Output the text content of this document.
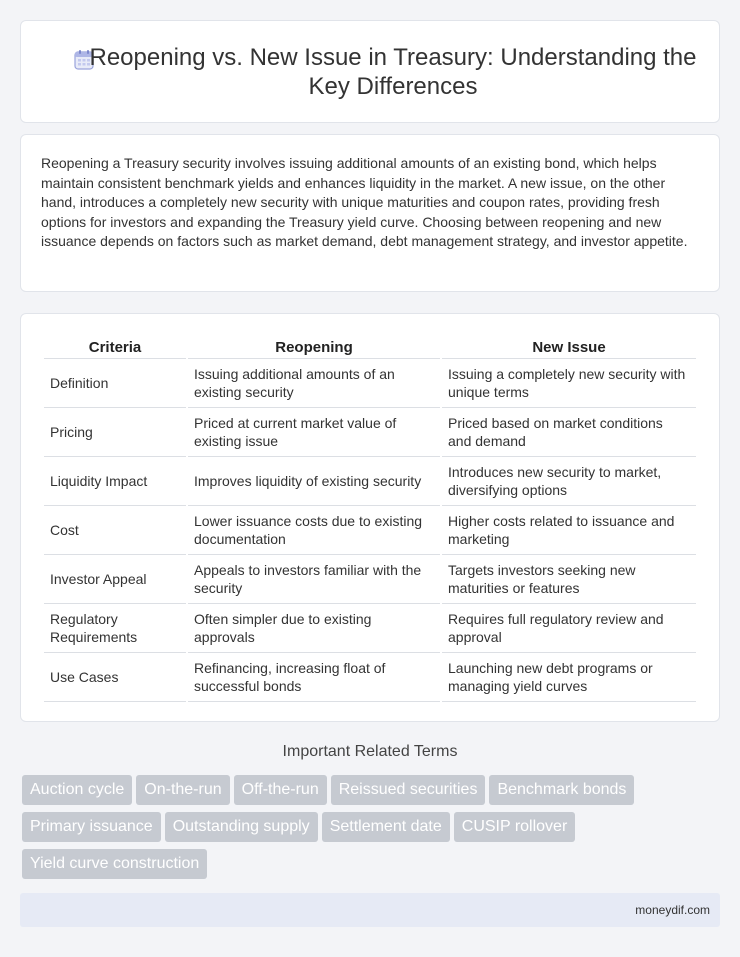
Reopening vs. New Issue in Treasury: Understanding the Key Differences

Reopening a Treasury security involves issuing additional amounts of an existing bond, which helps maintain consistent benchmark yields and enhances liquidity in the market. A new issue, on the other hand, introduces a completely new security with unique maturities and coupon rates, providing fresh options for investors and expanding the Treasury yield curve. Choosing between reopening and new issuance depends on factors such as market demand, debt management strategy, and investor appetite.

Criteria	Reopening	New Issue
Definition	Issuing additional amounts of an existing security	Issuing a completely new security with unique terms
Pricing	Priced at current market value of existing issue	Priced based on market conditions and demand
Liquidity Impact	Improves liquidity of existing security	Introduces new security to market, diversifying options
Cost	Lower issuance costs due to existing documentation	Higher costs related to issuance and marketing
Investor Appeal	Appeals to investors familiar with the security	Targets investors seeking new maturities or features
Regulatory Requirements	Often simpler due to existing approvals	Requires full regulatory review and approval
Use Cases	Refinancing, increasing float of successful bonds	Launching new debt programs or managing yield curves
Important Related Terms
Auction cycle On-the-run Off-the-run Reissued securities Benchmark bondsPrimary issuance Outstanding supply Settlement date CUSIP rolloverYield curve construction
moneydif.com
